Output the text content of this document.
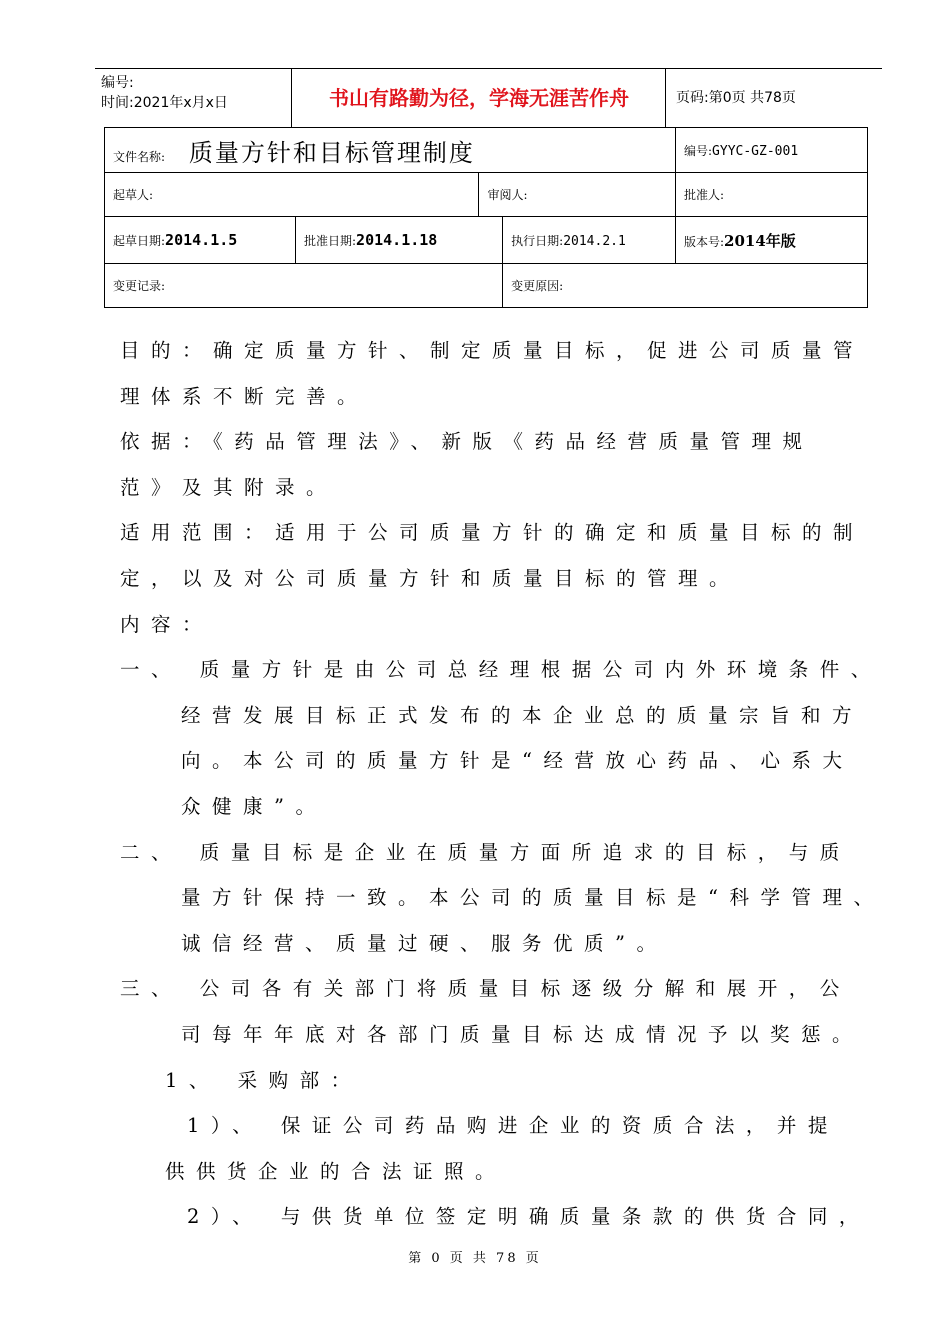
编号:
时间:2021年x月x日	书山有路勤为径，学海无涯苦作舟	页码:第0页 共78页
文件名称: 质量方针和目标管理制度				编号:GYYC-GZ-001
起草人:		审阅人:		批准人:
起草日期:2014.1.5	批准日期:2014.1.18		执行日期:2014.2.1	版本号:2014年版
变更记录:			变更原因:	

目的：确定质量方针、制定质量目标，促进公司质量管

理体系不断完善。

依据：《药品管理法》、新版《药品经营质量管理规

范》及其附录。

适用范围：适用于公司质量方针的确定和质量目标的制

定，以及对公司质量方针和质量目标的管理。

内容：

一、 质量方针是由公司总经理根据公司内外环境条件、

经营发展目标正式发布的本企业总的质量宗旨和方

向。本公司的质量方针是“经营放心药品、心系大

众健康”。

二、 质量目标是企业在质量方面所追求的目标，与质

量方针保持一致。本公司的质量目标是“科学管理、

诚信经营、质量过硬、服务优质”。

三、 公司各有关部门将质量目标逐级分解和展开，公

司每年年底对各部门质量目标达成情况予以奖惩。

1、 采购部：

1）、 保证公司药品购进企业的资质合法，并提

供供货企业的合法证照。

2）、 与供货单位签定明确质量条款的供货合同，

第 0 页 共 78 页
